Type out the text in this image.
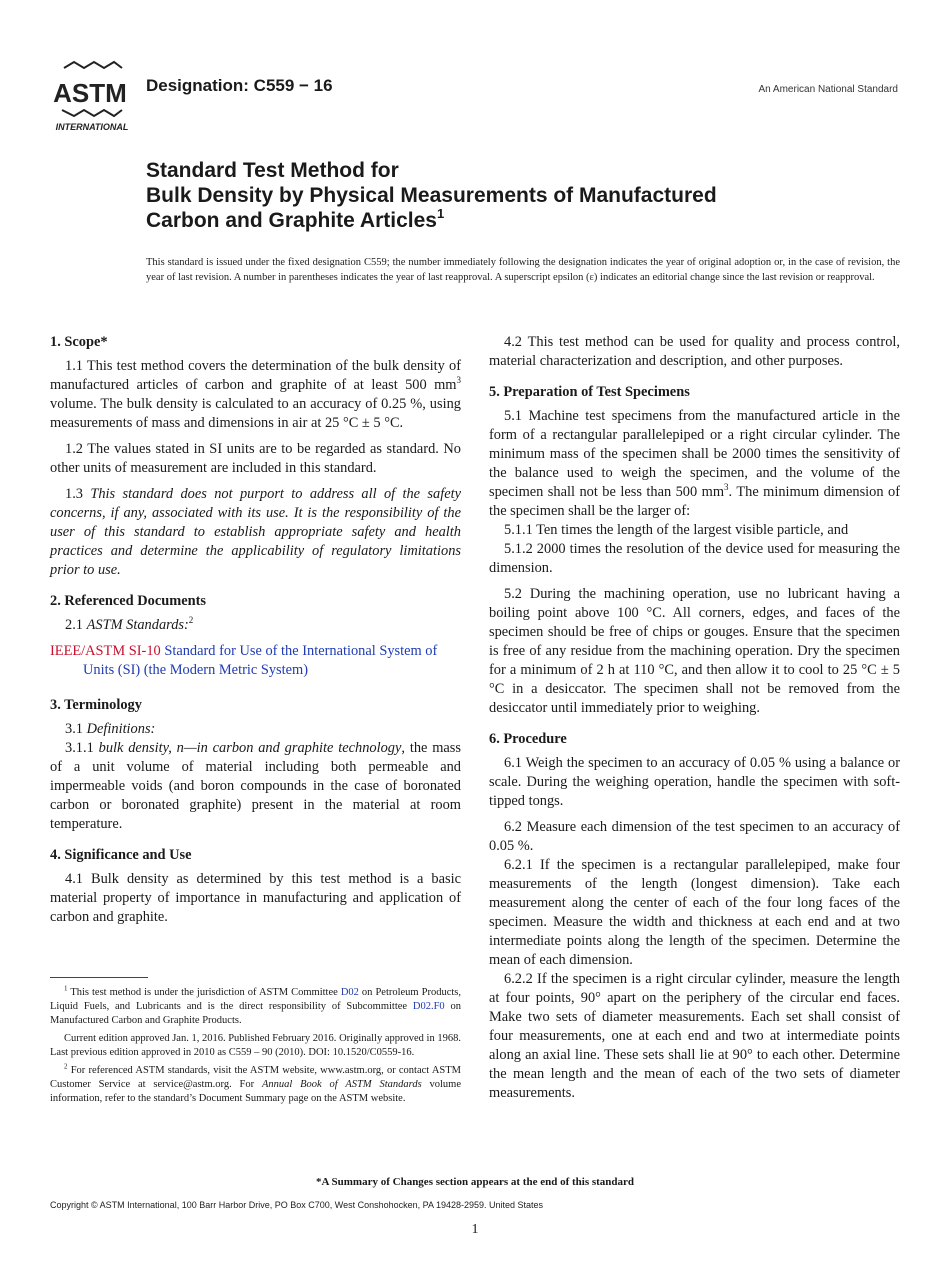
ASTM
INTERNATIONAL
Designation: C559 − 16	An American National Standard
Standard Test Method for
Bulk Density by Physical Measurements of Manufactured
Carbon and Graphite Articles$^1$
This standard is issued under the fixed designation C559; the number immediately following the designation indicates the year of original adoption or, in the case of revision, the year of last revision. A number in parentheses indicates the year of last reapproval. A superscript epsilon (ε) indicates an editorial change since the last revision or reapproval.
1. Scope*

1.1 This test method covers the determination of the bulk density of manufactured articles of carbon and graphite of at least 500 $mm^3$ volume. The bulk density is calculated to an accuracy of 0.25 %, using measurements of mass and dimensions in air at 25 °C ± 5 °C.

1.2 The values stated in SI units are to be regarded as standard. No other units of measurement are included in this standard.

1.3 This standard does not purport to address all of the safety concerns, if any, associated with its use. It is the responsibility of the user of this standard to establish appropriate safety and health practices and determine the applicability of regulatory limitations prior to use.

2. Referenced Documents

2.1 ASTM Standards:$^2$

IEEE/ASTM SI-10 Standard for Use of the International System of Units (SI) (the Modern Metric System)

3. Terminology

3.1 Definitions:

3.1.1 bulk density, n—in carbon and graphite technology, the mass of a unit volume of material including both permeable and impermeable voids (and boron compounds in the case of boronated carbon or boronated graphite) present in the material at room temperature.

4. Significance and Use

4.1 Bulk density as determined by this test method is a basic material property of importance in manufacturing and application of carbon and graphite.

$^1$ This test method is under the jurisdiction of ASTM Committee D02 on Petroleum Products, Liquid Fuels, and Lubricants and is the direct responsibility of Subcommittee D02.F0 on Manufactured Carbon and Graphite Products.

Current edition approved Jan. 1, 2016. Published February 2016. Originally approved in 1968. Last previous edition approved in 2010 as C559 – 90 (2010). DOI: 10.1520/C0559-16.

$^2$ For referenced ASTM standards, visit the ASTM website, www.astm.org, or contact ASTM Customer Service at service@astm.org. For Annual Book of ASTM Standards volume information, refer to the standard’s Document Summary page on the ASTM website.

4.2 This test method can be used for quality and process control, material characterization and description, and other purposes.

5. Preparation of Test Specimens

5.1 Machine test specimens from the manufactured article in the form of a rectangular parallelepiped or a right circular cylinder. The minimum mass of the specimen shall be 2000 times the sensitivity of the balance used to weigh the specimen, and the volume of the specimen shall not be less than 500 $mm^3$. The minimum dimension of the specimen shall be the larger of:

5.1.1 Ten times the length of the largest visible particle, and

5.1.2 2000 times the resolution of the device used for measuring the dimension.

5.2 During the machining operation, use no lubricant having a boiling point above 100 °C. All corners, edges, and faces of the specimen should be free of chips or gouges. Ensure that the specimen is free of any residue from the machining operation. Dry the specimen for a minimum of 2 h at 110 °C, and then allow it to cool to 25 °C ± 5 °C in a desiccator. The specimen shall not be removed from the desiccator until immediately prior to weighing.

6. Procedure

6.1 Weigh the specimen to an accuracy of 0.05 % using a balance or scale. During the weighing operation, handle the specimen with soft-tipped tongs.

6.2 Measure each dimension of the test specimen to an accuracy of 0.05 %.

6.2.1 If the specimen is a rectangular parallelepiped, make four measurements of the length (longest dimension). Take each measurement along the center of each of the four long faces of the specimen. Measure the width and thickness at each end and at two intermediate points along the length of the specimen. Determine the mean of each dimension.

6.2.2 If the specimen is a right circular cylinder, measure the length at four points, 90° apart on the periphery of the circular end faces. Make two sets of diameter measurements. Each set shall consist of four measurements, one at each end and two at intermediate points along an axial line. These sets shall lie at 90° to each other. Determine the mean length and the mean of each of the two sets of diameter measurements.

*A Summary of Changes section appears at the end of this standard
Copyright © ASTM International, 100 Barr Harbor Drive, PO Box C700, West Conshohocken, PA 19428-2959. United States
1
